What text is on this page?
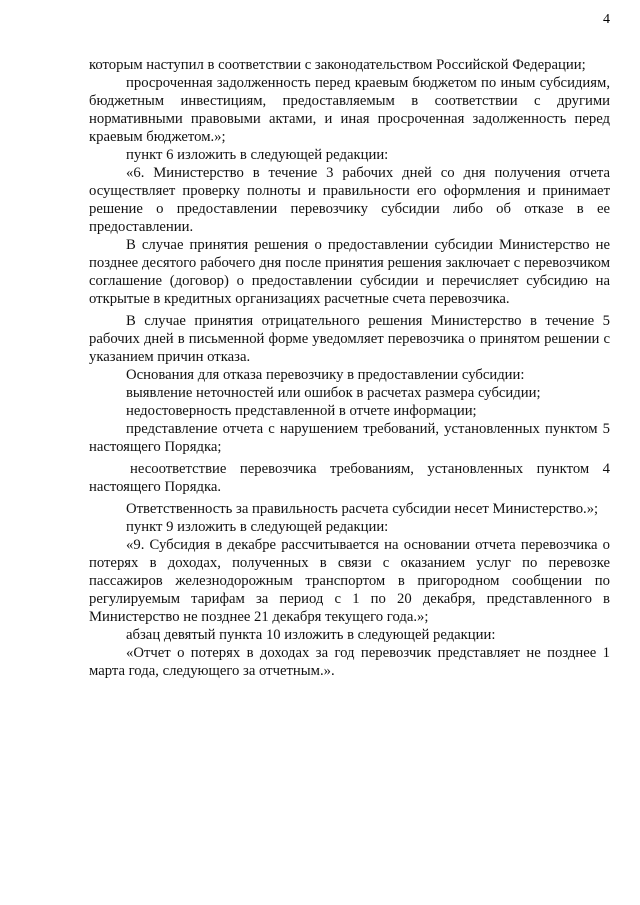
4

которым наступил в соответствии с законодательством Российской Федерации;

просроченная задолженность перед краевым бюджетом по иным субсидиям, бюджетным инвестициям, предоставляемым в соответствии с другими нормативными правовыми актами, и иная просроченная задолженность перед краевым бюджетом.»;

пункт 6 изложить в следующей редакции:

«6. Министерство в течение 3 рабочих дней со дня получения отчета осуществляет проверку полноты и правильности его оформления и принимает решение о предоставлении перевозчику субсидии либо об отказе в ее предоставлении.

В случае принятия решения о предоставлении субсидии Министерство не позднее десятого рабочего дня после принятия решения заключает с перевозчиком соглашение (договор) о предоставлении субсидии и перечисляет субсидию на открытые в кредитных организациях расчетные счета перевозчика.

В случае принятия отрицательного решения Министерство в течение 5 рабочих дней в письменной форме уведомляет перевозчика о принятом решении с указанием причин отказа.

Основания для отказа перевозчику в предоставлении субсидии:

выявление неточностей или ошибок в расчетах размера субсидии;

недостоверность представленной в отчете информации;

представление отчета с нарушением требований, установленных пунктом 5 настоящего Порядка;

несоответствие перевозчика требованиям, установленных пунктом 4 настоящего Порядка.

Ответственность за правильность расчета субсидии несет Министерство.»;

пункт 9 изложить в следующей редакции:

«9. Субсидия в декабре рассчитывается на основании отчета перевозчика о потерях в доходах, полученных в связи с оказанием услуг по перевозке пассажиров железнодорожным транспортом в пригородном сообщении по регулируемым тарифам за период с 1 по 20 декабря, представленного в Министерство не позднее 21 декабря текущего года.»;

абзац девятый пункта 10 изложить в следующей редакции:

«Отчет о потерях в доходах за год перевозчик представляет не позднее 1 марта года, следующего за отчетным.».
